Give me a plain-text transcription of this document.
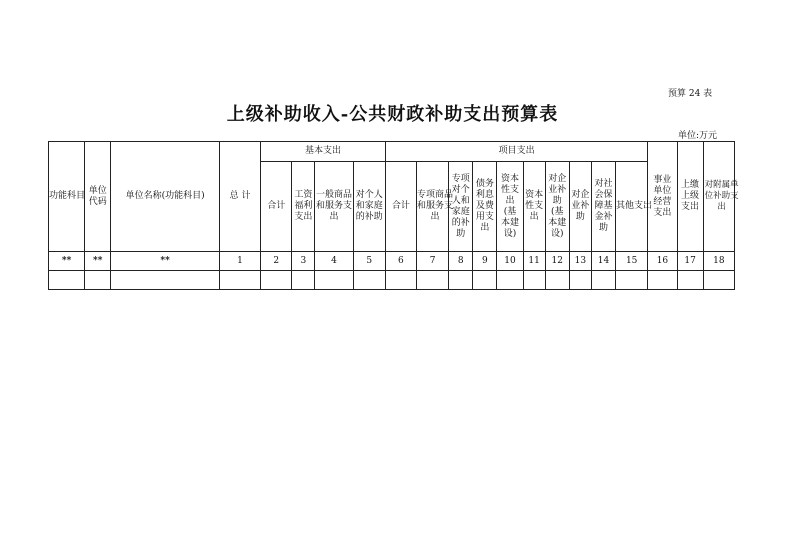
预算 24 表
上级补助收入-公共财政补助支出预算表
单位:万元
功能科目	单位代码	单位名称(功能科目)	总 计	基本支出				项目支出										事业单位经营支出	上缴上级支出	对附属单位补助支出
				合计	工资福利支出	一般商品和服务支出	对个人和家庭的补助	合计	专项商品和服务支出	专项对个人和家庭的补助	债务利息及费用支出	资本性支出(基本建设)	资本性支出	对企业补助(基本建设)	对企业补助	对社会保障基金补助	其他支出			
**	**	**	1	2	3	4	5	6	7	8	9	10	11	12	13	14	15	16	17	18
